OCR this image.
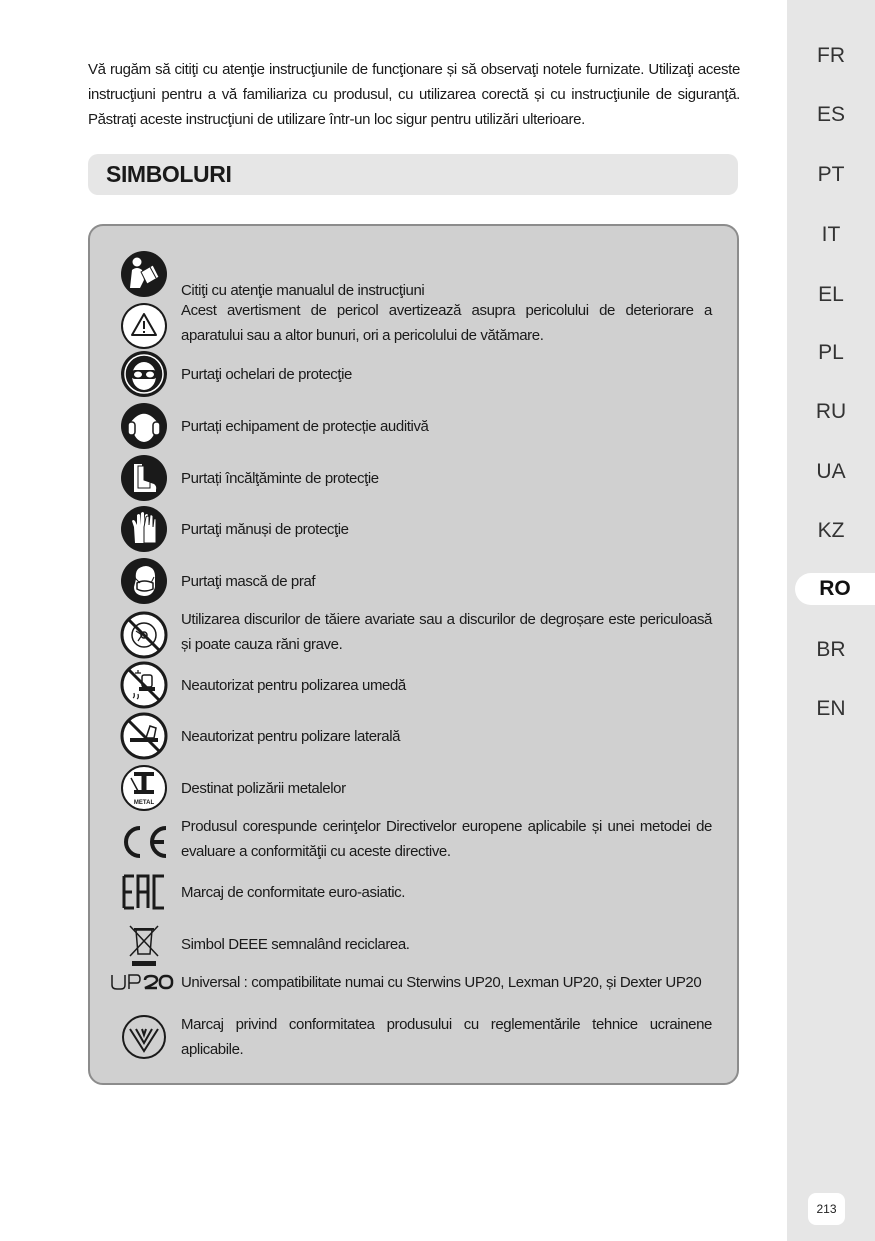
Vă rugăm să citiţi cu atenţie instrucţiunile de funcţionare și să observaţi notele furnizate. Utilizaţi aceste instrucţiuni pentru a vă familiariza cu produsul, cu utilizarea corectă și cu instrucţiunile de siguranţă. Păstraţi aceste instrucţiuni de utilizare într-un loc sigur pentru utilizări ulterioare.
SIMBOLURI
Citiţi cu atenţie manualul de instrucţiuni
Acest avertisment de pericol avertizează asupra pericolului de deteriorare a aparatului sau a altor bunuri, ori a pericolului de vătămare.
Purtaţi ochelari de protecţie
Purtați echipament de protecție auditivă
Purtați încălţăminte de protecţie
Purtaţi mănuși de protecţie
Purtaţi mască de praf
Utilizarea discurilor de tăiere avariate sau a discurilor de degroșare este periculoasă și poate cauza răni grave.
Neautorizat pentru polizarea umedă
Neautorizat pentru polizare laterală
METAL
Destinat polizării metalelor
Produsul corespunde cerinţelor Directivelor europene aplicabile și unei metodei de evaluare a conformităţii cu aceste directive.
Marcaj de conformitate euro-asiatic.
Simbol DEEE semnalând reciclarea.
Universal : compatibilitate numai cu Sterwins UP20, Lexman UP20, și Dexter UP20
Marcaj privind conformitatea produsului cu reglementările tehnice ucrainene aplicabile.
FR
ES
PT
IT
EL
PL
RU
UA
KZ
RO
BR
EN
213
